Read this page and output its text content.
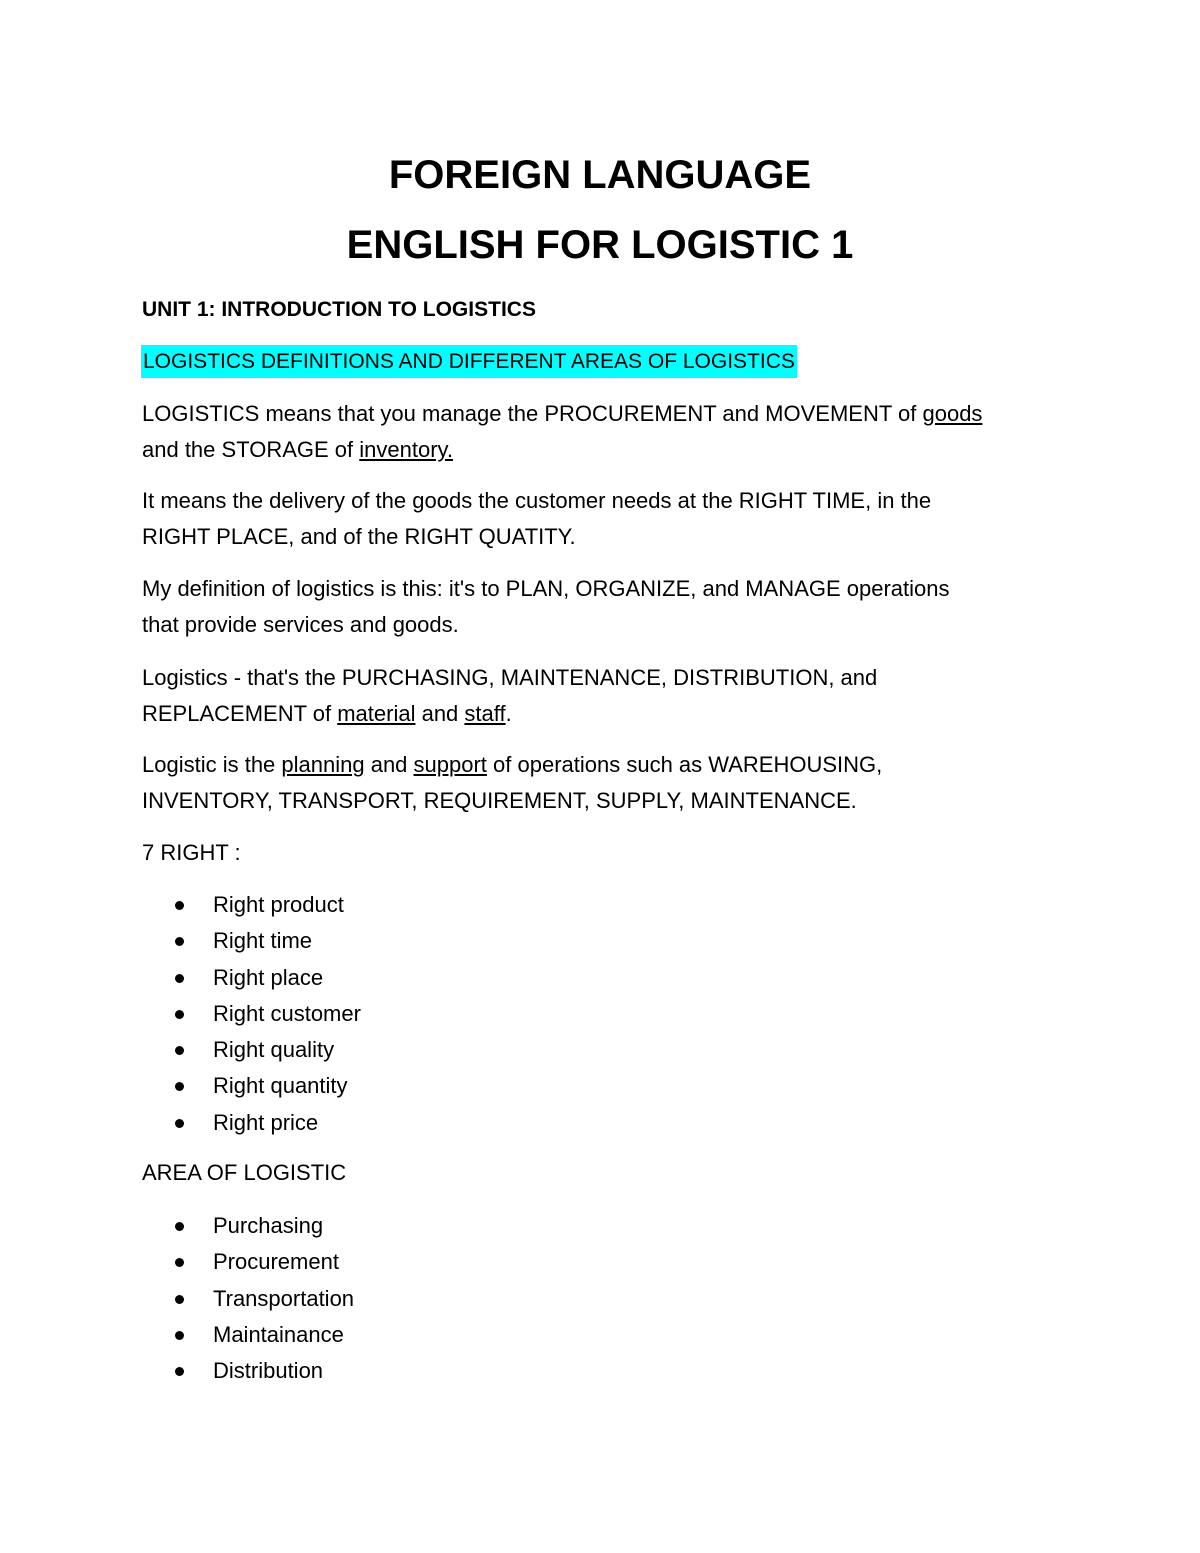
FOREIGN LANGUAGE
ENGLISH FOR LOGISTIC 1
UNIT 1: INTRODUCTION TO LOGISTICS
LOGISTICS DEFINITIONS AND DIFFERENT AREAS OF LOGISTICS

LOGISTICS means that you manage the PROCUREMENT and MOVEMENT of goods
and the STORAGE of inventory.

It means the delivery of the goods the customer needs at the RIGHT TIME, in the
RIGHT PLACE, and of the RIGHT QUATITY.

My definition of logistics is this: it's to PLAN, ORGANIZE, and MANAGE operations
that provide services and goods.

Logistics - that's the PURCHASING, MAINTENANCE, DISTRIBUTION, and
REPLACEMENT of material and staff.

Logistic is the planning and support of operations such as WAREHOUSING,
INVENTORY, TRANSPORT, REQUIREMENT, SUPPLY, MAINTENANCE.

7 RIGHT :
Right product
Right time
Right place
Right customer
Right quality
Right quantity
Right price
AREA OF LOGISTIC
Purchasing
Procurement
Transportation
Maintainance
Distribution
